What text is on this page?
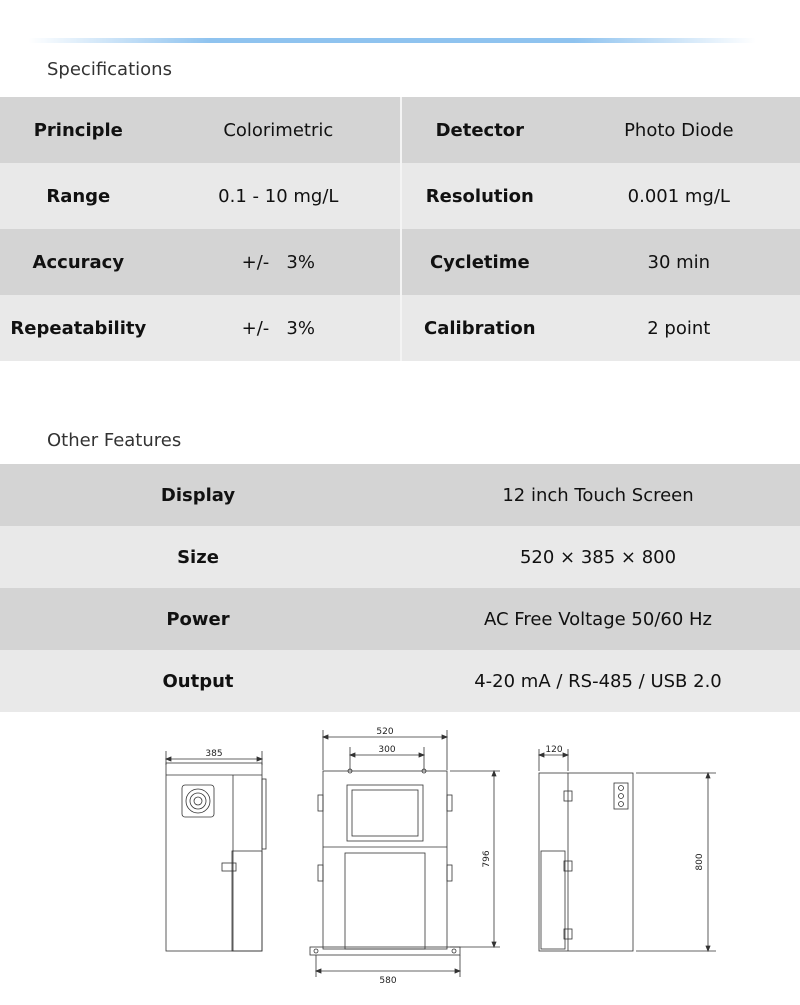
Specifications
Principle	Colorimetric	Detector	Photo Diode
Range	0.1 - 10 mg/L	Resolution	0.001 mg/L
Accuracy	+/-   3%	Cycletime	30 min
Repeatability	+/-   3%	Calibration	2 point
Other Features
Display	12 inch Touch Screen
Size	520 × 385 × 800
Power	AC Free Voltage 50/60 Hz
Output	4-20 mA / RS-485 / USB 2.0
385
520
300
796
580
120
800
